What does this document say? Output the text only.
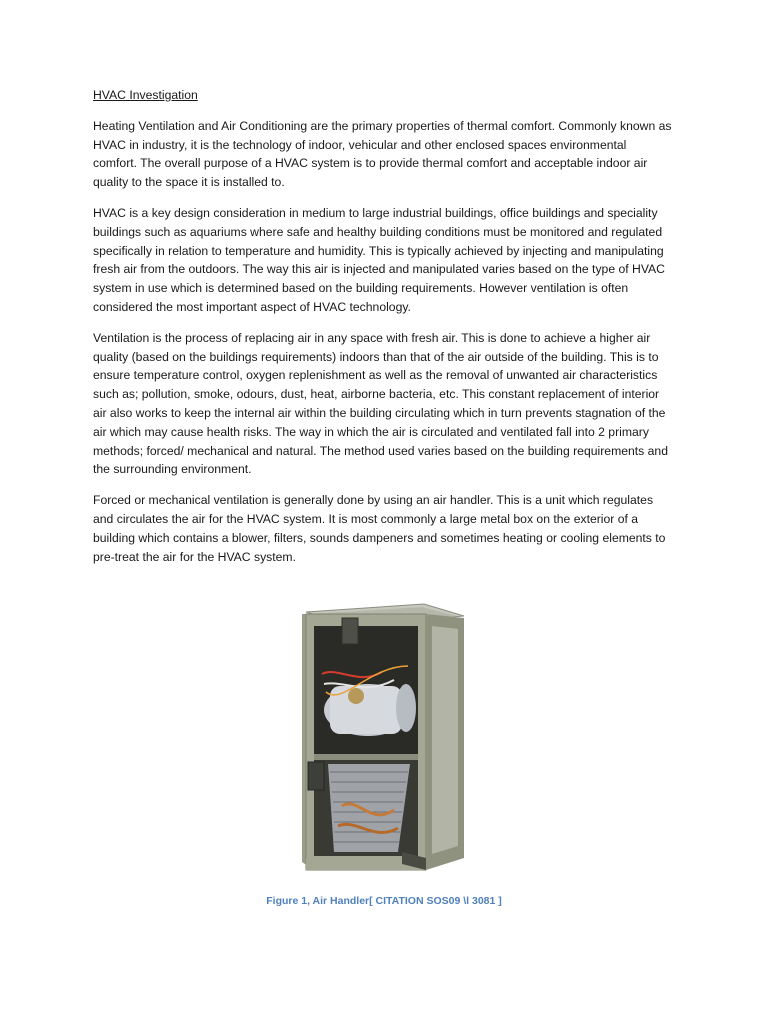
HVAC Investigation

Heating Ventilation and Air Conditioning are the primary properties of thermal comfort. Commonly known as HVAC in industry, it is the technology of indoor, vehicular and other enclosed spaces environmental comfort. The overall purpose of a HVAC system is to provide thermal comfort and acceptable indoor air quality to the space it is installed to.

HVAC is a key design consideration in medium to large industrial buildings, office buildings and speciality buildings such as aquariums where safe and healthy building conditions must be monitored and regulated specifically in relation to temperature and humidity. This is typically achieved by injecting and manipulating fresh air from the outdoors. The way this air is injected and manipulated varies based on the type of HVAC system in use which is determined based on the building requirements. However ventilation is often considered the most important aspect of HVAC technology.

Ventilation is the process of replacing air in any space with fresh air. This is done to achieve a higher air quality (based on the buildings requirements) indoors than that of the air outside of the building. This is to ensure temperature control, oxygen replenishment as well as the removal of unwanted air characteristics such as; pollution, smoke, odours, dust, heat, airborne bacteria, etc. This constant replacement of interior air also works to keep the internal air within the building circulating which in turn prevents stagnation of the air which may cause health risks. The way in which the air is circulated and ventilated fall into 2 primary methods; forced/ mechanical and natural. The method used varies based on the building requirements and the surrounding environment.

Forced or mechanical ventilation is generally done by using an air handler. This is a unit which regulates and circulates the air for the HVAC system. It is most commonly a large metal box on the exterior of a building which contains a blower, filters, sounds dampeners and sometimes heating or cooling elements to pre-treat the air for the HVAC system.

Figure 1, Air Handler[ CITATION SOS09 \l 3081 ]
